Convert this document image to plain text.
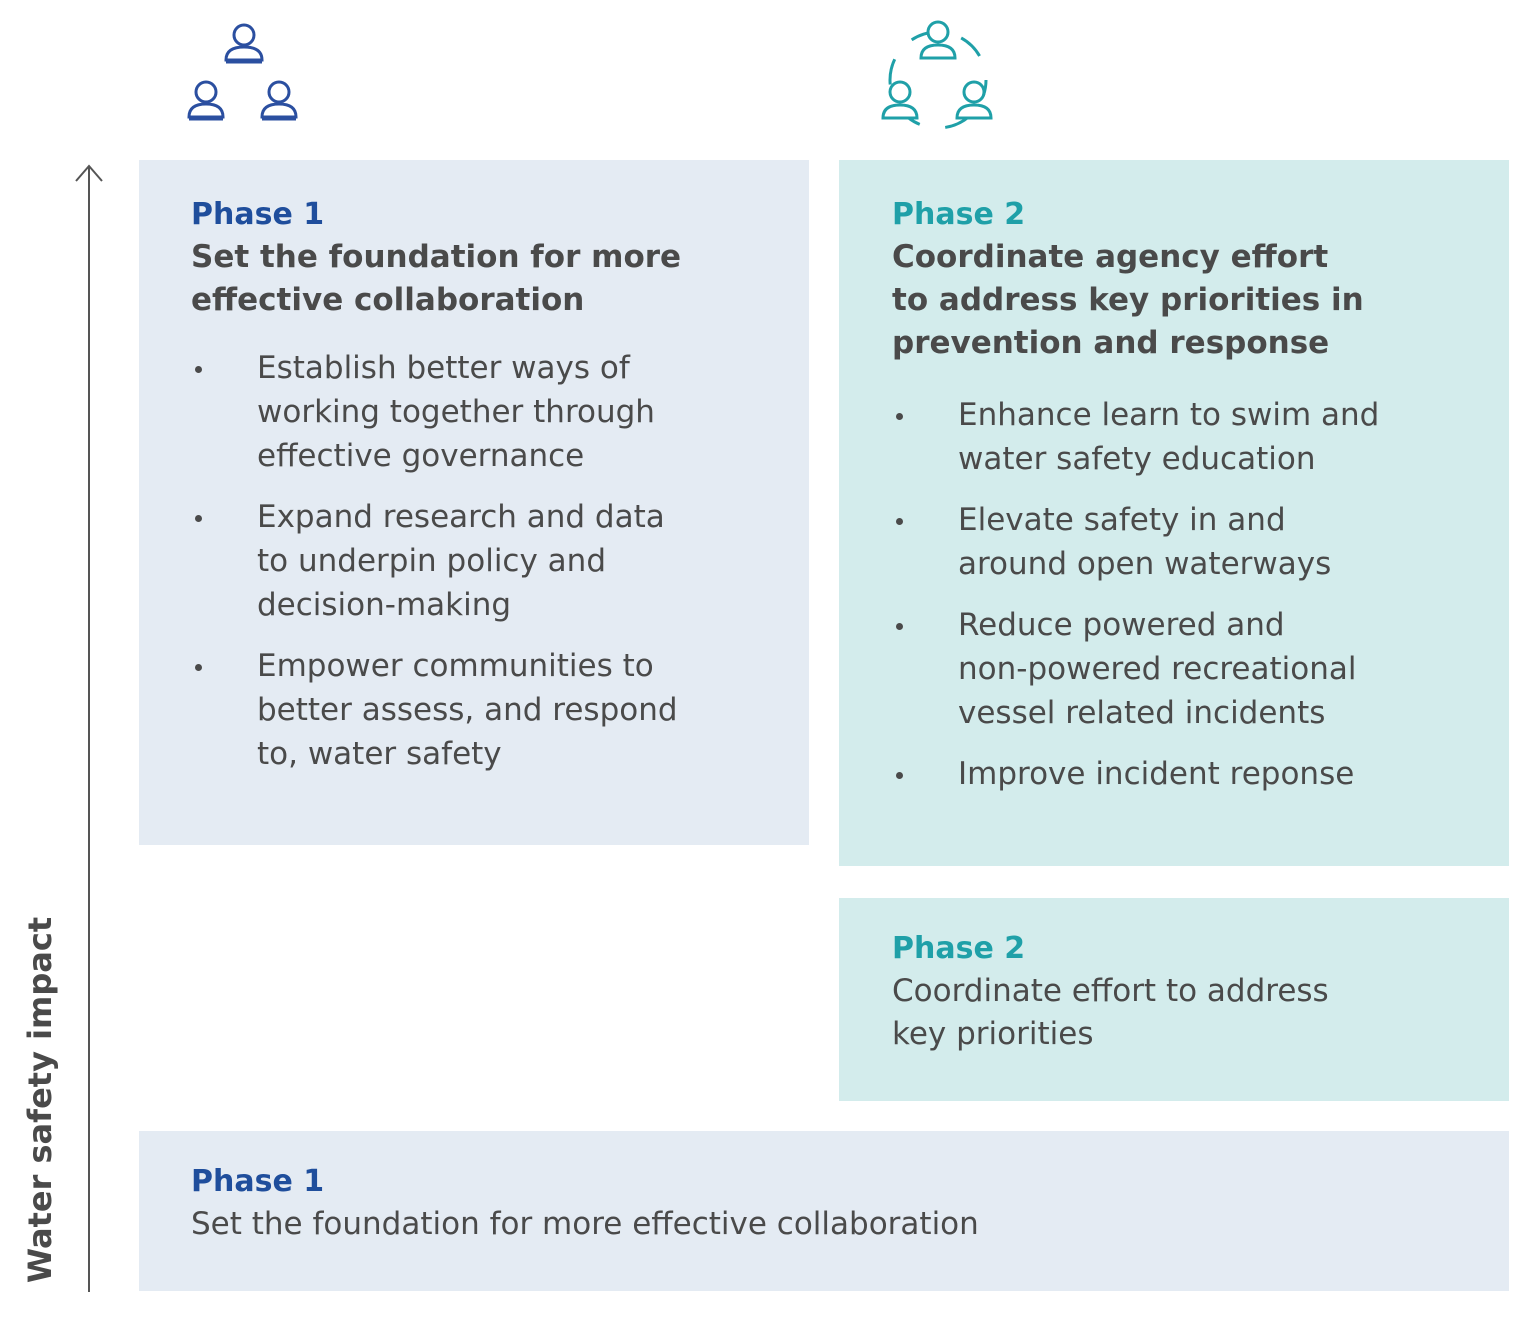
Water safety impact
Phase 1

Set the foundation for more
effective collaboration

Establish better ways of
working together through
effective governance
Expand research and data
to underpin policy and
decision-making
Empower communities to
better assess, and respond
to, water safety
Phase 2

Coordinate agency effort
to address key priorities in
prevention and response

Enhance learn to swim and
water safety education
Elevate safety in and
around open waterways
Reduce powered and
non-powered recreational
vessel related incidents
Improve incident reponse
Phase 2

Coordinate effort to address
key priorities

Phase 1

Set the foundation for more effective collaboration
